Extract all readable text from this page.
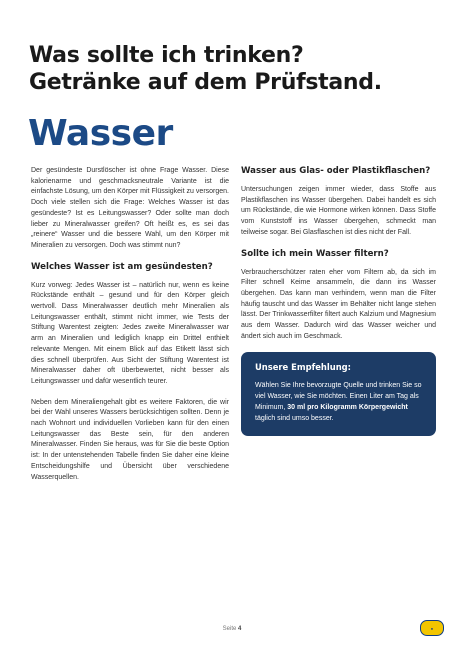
Was sollte ich trinken?
Getränke auf dem Prüfstand.
Wasser

Der gesündeste Durstlöscher ist ohne Frage Wasser. Diese kalorienarme und geschmacksneutrale Variante ist die einfachste Lösung, um den Körper mit Flüssigkeit zu versorgen. Doch viele stellen sich die Frage: Welches Wasser ist das gesündeste? Ist es Leitungswasser? Oder sollte man doch lieber zu Mineralwasser greifen? Oft heißt es, es sei das „reinere“ Wasser und die bessere Wahl, um den Körper mit Mineralien zu versorgen. Doch was stimmt nun?

Welches Wasser ist am gesündesten?

Kurz vorweg: Jedes Wasser ist – natürlich nur, wenn es keine Rückstände enthält – gesund und für den Körper gleich wertvoll. Dass Mineralwasser deutlich mehr Mineralien als Leitungswasser enthält, stimmt nicht immer, wie Tests der Stiftung Warentest zeigten: Jedes zweite Mineralwasser war arm an Mineralien und lediglich knapp ein Drittel enthielt relevante Mengen. Mit einem Blick auf das Etikett lässt sich dies schnell überprüfen. Aus Sicht der Stiftung Warentest ist Mineralwasser daher oft überbewertet, nicht besser als Leitungswasser und dafür wesentlich teurer.

Neben dem Mineraliengehalt gibt es weitere Faktoren, die wir bei der Wahl unseres Wassers berücksichtigen sollten. Denn je nach Wohnort und individuellen Vorlieben kann für den einen Leitungswasser das Beste sein, für den anderen Mineralwasser. Finden Sie heraus, was für Sie die beste Option ist: In der untenstehenden Tabelle finden Sie daher eine kleine Entscheidungshilfe und Übersicht über verschiedene Wasserquellen.

Wasser aus Glas- oder Plastikflaschen?

Untersuchungen zeigen immer wieder, dass Stoffe aus Plastikflaschen ins Wasser übergehen. Dabei handelt es sich um Rückstände, die wie Hormone wirken können. Dass Stoffe vom Kunststoff ins Wasser übergehen, schmeckt man teilweise sogar. Bei Glasflaschen ist dies nicht der Fall.

Sollte ich mein Wasser filtern?

Verbraucherschützer raten eher vom Filtern ab, da sich im Filter schnell Keime ansammeln, die dann ins Wasser übergehen. Das kann man verhindern, wenn man die Filter häufig tauscht und das Wasser im Behälter nicht lange stehen lässt. Der Trinkwasserfilter filtert auch Kalzium und Magnesium aus dem Wasser. Dadurch wird das Wasser weicher und ändert sich auch im Geschmack.

Unsere Empfehlung:

Wählen Sie Ihre bevorzugte Quelle und trinken Sie so viel Wasser, wie Sie möchten. Einen Liter am Tag als Minimum, 30 ml pro Kilogramm Körpergewicht täglich sind umso besser.

Seite 4	●
